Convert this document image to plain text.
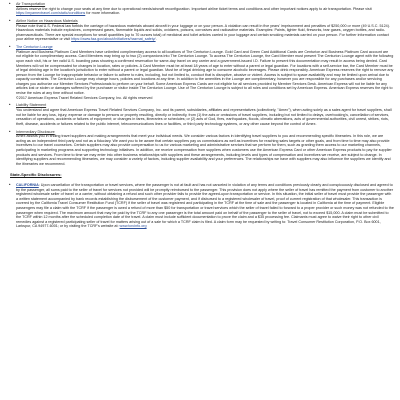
•	Air Transportation
Airlines reserve the right to change your seats at any time due to operational needs/aircraft reconfiguration. Important airline ticket terms and conditions and other important notices apply to air transportation. Please visit https://myamextravel.com/static/conditions for more information.
•	Airline Notice on Hazardous Materials
Please note that U.S. Federal law forbids the carriage of hazardous materials aboard aircraft in your luggage or on your person. A violation can result in five years' imprisonment and penalties of $250,000 or more (49 U.S.C. 5124). Hazardous materials include explosives, compressed gases, flammable liquids and solids, oxidizers, poisons, corrosives and radioactive materials. Examples: Paints, lighter fluid, fireworks, tear gases, oxygen bottles, and radio-pharmaceuticals. There are special exceptions for small quantities (up to 70 ounces total) of medicinal and toilet articles carried in your luggage and certain smoking materials carried on your person. For further information contact your airline representative or visit https://www.faa.gov/about/initiatives/hazmat_safety/.
•	The Centurion Lounge
Platinum and Business Platinum Card Members have unlimited complimentary access to all locations of The Centurion Lounge. Gold Card and Green Card Additional Cards are Centurion and Business Platinum Card account are not eligible for complimentary access. Card Members may bring up to two (2) companions into The Centurion Lounge. To access The Centurion Lounge, the Card Member must present The Centurion Lounge agent with the following upon each visit, his or her valid U.S. boarding pass showing a confirmed reservation for same-day travel on any carrier and a government-issued I.D. Failure to present this documentation may result in access being denied. Card Members will not be compensated for changes in location, rates or policies. A Card Member must be at least 18 years of age to enter without a parent or legal guardian. For locations with a self-service bar, the Card Member must be of legal drinking age in the location's jurisdiction to enter without a parent or legal guardian. Must be of legal drinking age to consume alcoholic beverages. Please drink responsibly. American Express reserves the right to remove any person from the Lounge for inappropriate behavior or failure to adhere to rules, including, but not limited to, conduct that is disruptive, abusive or violent. Access is subject to space availability and may be limited upon arrival due to capacity constraints. The Centurion Lounge may change hours, policies and locations at any time. In addition to the amenities in the Lounge are complimentary, however you are responsible for any purchases and/or servicing charges you authorize our Member Services Professionals to perform on your behalf. Some American Express Cards are not eligible for all services provided by Member Services Desk. American Express will not be liable for any articles lost or stolen or damages suffered by the purchaser or visitor inside The Centurion Lounge. Use of The Centurion Lounge is subject to all rules and conditions set by American Express. American Express reserves the right to revise the rules at any time without notice.
©2017 American Express Travel Related Services Company, Inc. All rights reserved
•	Liability Statement
You understand and agree that American Express Travel Related Services Company, Inc. and its parent, subsidiaries, affiliates and representatives (collectively, "Amex"), when acting solely as a sales agent for travel suppliers, shall not be liable for any loss, injury, expense or damage to persons or property resulting, directly or indirectly, from (1) the acts or omissions of travel suppliers, including but not limited to delays, overbooking's, cancellation of services, cessation of operations, accidents or failures of equipment; or changes in fares, itineraries or schedules; or (2) acts of God, fires, earthquakes, floods, climatic aberrations, acts of governmental authorities, civil unrest, strikes, riots, theft, disease, accidents or failures related to the public internet, telecommunications lines or facilities, or third party technology systems, or any other cause beyond the control of Amex.
•	Intermediary Disclosure
Amex assists you in finding travel suppliers and making arrangements that meet your individual needs. We consider various factors in identifying travel suppliers to you and recommending specific itineraries. In this role, we are acting as an independent third party and not as a fiduciary. We want you to be aware that certain suppliers pay us commissions as well as incentives for reaching sales targets or other goals, and from time to time may also provide incentives to our travel counselors. Certain suppliers may also provide compensation to us for various marketing and administrative services that we perform for them, such as granting them access to our marketing channels, participating in marketing programs and supporting technology initiatives. In addition, we receive compensation from suppliers when customers use the American Express Card or other American Express products to pay for supplier products and services. From time to time we may enter into other business relationships with suppliers and these arrangements, including levels and types of compensation and incentives we receive, are subject to change. In identifying suppliers and recommending itineraries, we may consider a variety of factors, including supplier availability and your preferences. The relationships we have with suppliers may also influence the suppliers we identify and the itineraries we recommend.
State-Specific Disclosures:
•	CALIFORNIA: Upon cancellation of the transportation or travel services, where the passenger is not at fault and has not canceled in violation of any terms and conditions previously clearly and conspicuously disclosed and agreed to by the passenger, all sums paid to the seller of travel for services not provided will be promptly reimbursed to the passenger. This provision does not apply where the seller of travel has remitted the payment from customer to another registered wholesale seller of travel or a carrier, without obtaining a refund and such other provider fails to provide the agreed-upon transportation or service. In this situation, the initial seller of travel must provide the passenger with a written statement accompanied by bank records establishing the disbursement of the customer payment, and if disbursed to a registered wholesaler of travel, proof of current registration of that wholesaler. This transaction is covered by the California Travel Consumer Restitution Fund (TCRF) if the seller of travel was registered and participating in the TCRF at the time of sale and the passenger is located in California at the time of payment. Eligible passengers may file a claim with the TCRF if the passenger is owed a refund of more than $50 for transportation or travel services which the seller of travel failed to forward to a proper provider or such money was not refunded to the passenger when required. The maximum amount that may be paid by the TCRF to any one passenger is the total amount paid on behalf of the passenger to the seller of travel, not to exceed $15,000. A claim must be submitted to the TCRF within 12 months after the scheduled completion date of the travel. A claim must include sufficient documentation to prove the claim and a $35 processing fee. Claimants must agree to waive their right to other civil remedies against a registered participating seller of travel for matters arising out of a sale for which a TCRF claim is filed. A claim form may be requested by writing to: Travel Consumer Restitution Corporation, P.O. Box 6001, Larkspur, CA 94977-6001; or by visiting the TCRF's website at: www.tcrcinfo.org
